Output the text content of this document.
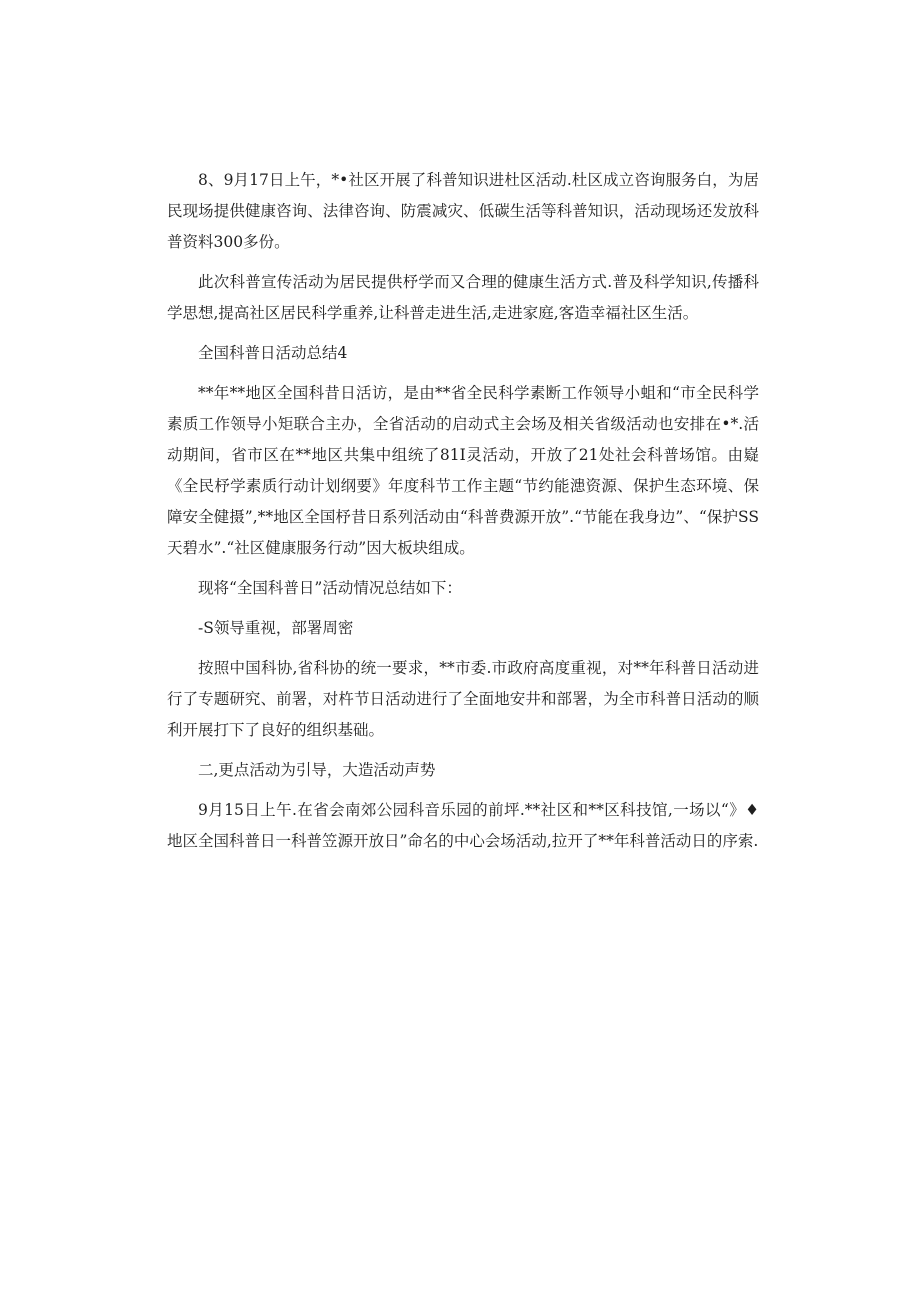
8、9月17日上午，*•社区开展了科普知识进杜区活动.杜区成立咨询服务白，为居民现场提供健康咨询、法律咨询、防震减灾、低碳生活等科普知识，活动现场还发放科普资料300多份。

此次科普宣传活动为居民提供杼学而又合理的健康生活方式.普及科学知识,传播科学思想,提高社区居民科学重养,让科普走进生活,走进家庭,客造幸福社区生活。

全国科普日活动总结4

**年**地区全国科昔日活访，是由**省全民科学素断工作领导小蛆和“市全民科学素质工作领导小矩联合主办，全省活动的启动式主会场及相关省级活动也安排在•*.活动期间，省市区在**地区共集中组统了81I灵活动，开放了21处社会科普场馆。由嶷《全民杼学素质行动计划纲要》年度科节工作主题“节约能漶资源、保护生态环境、保障安全健摄”,**地区全国杼昔日系列活动由“科普费源开放”.“节能在我身边”、“保护SS天碧水”.“社区健康服务行动”因大板块组成。

现将“全国科普日”活动情况总结如下：

-S领导重视，部署周密

按照中国科协,省科协的统一要求，**市委.市政府高度重视，对**年科普日活动进行了专题研究、前署，对杵节日活动进行了全面地安井和部署，为全市科普日活动的顺利开展打下了良好的组织基础。

二,更点活动为引导，大造活动声势

9月15日上午.在省会南郊公园科音乐园的前坪.**社区和**区科技馆,一场以“》♦地区全国科普日一科普笠源开放日”命名的中心会场活动,拉开了**年科普活动日的序索.
